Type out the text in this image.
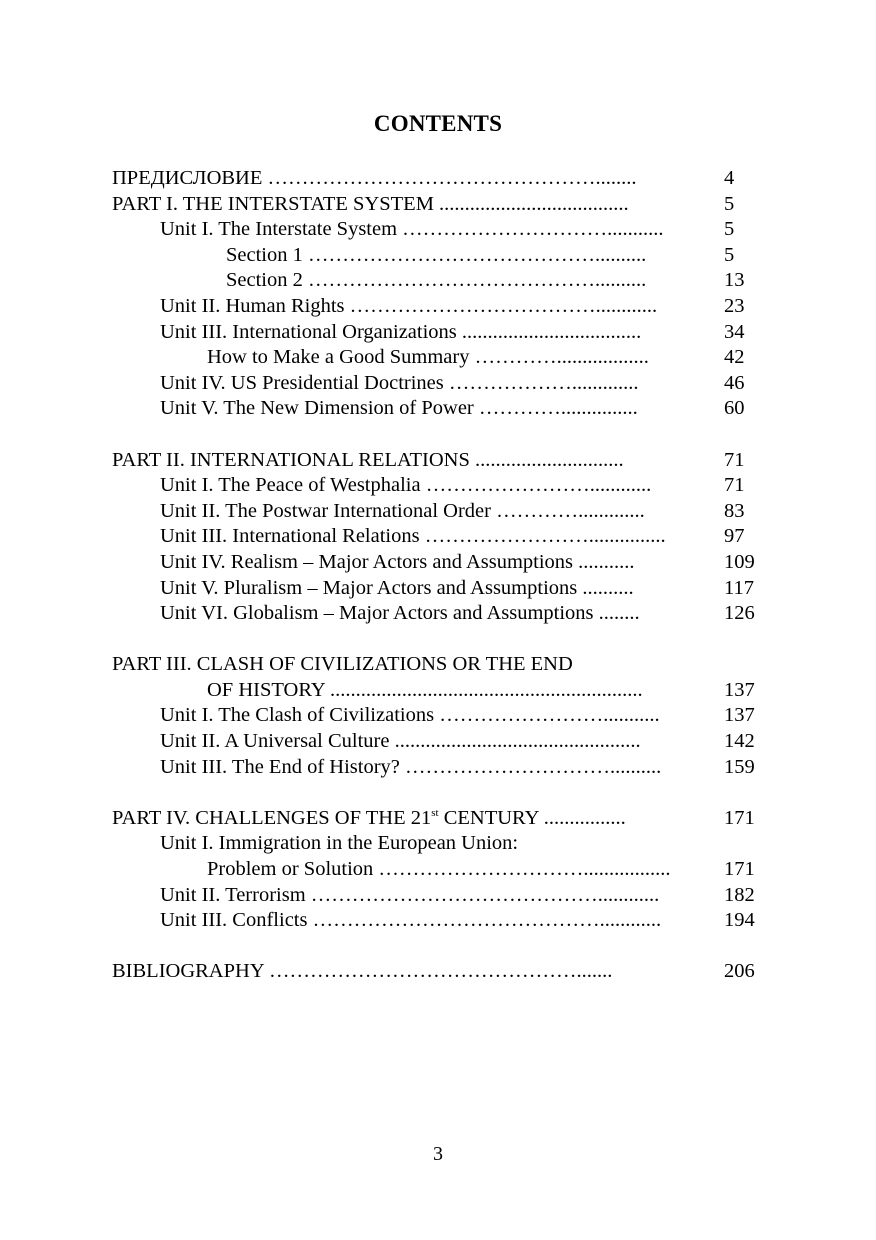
CONTENTS
ПРЕДИСЛОВИЕ …………………………………………........	4
PART I. THE INTERSTATE SYSTEM .....................................	5
Unit I. The Interstate System …………………………...........	5
Section 1 ……………………………………..........	5
Section 2 ……………………………………..........	13
Unit II. Human Rights ………………………………............	23
Unit III. International Organizations ...................................	34
How to Make a Good Summary …………..................	42
Unit IV. US Presidential Doctrines ……………….............	46
Unit V. The New Dimension of Power …………...............	60
PART II. INTERNATIONAL RELATIONS .............................	71
Unit I. The Peace of Westphalia ……………………............	71
Unit II. The Postwar International Order ………….............	83
Unit III. International Relations ……………………...............	97
Unit IV. Realism – Major Actors and Assumptions ...........	109
Unit V. Pluralism – Major Actors and Assumptions ..........	117
Unit VI. Globalism – Major Actors and Assumptions ........	126
PART III. CLASH OF CIVILIZATIONS OR THE END
OF HISTORY .............................................................	137
Unit I. The Clash of Civilizations ……………………...........	137
Unit II. A Universal Culture ................................................	142
Unit III. The End of History? …………………………..........	159
PART IV. CHALLENGES OF THE 21st CENTURY ................	171
Unit I. Immigration in the European Union:
Problem or Solution ………………………….................	171
Unit II. Terrorism ……………………………………............	182
Unit III. Conflicts ……………………………………............	194
BIBLIOGRAPHY ……………………………………….......	206
3
